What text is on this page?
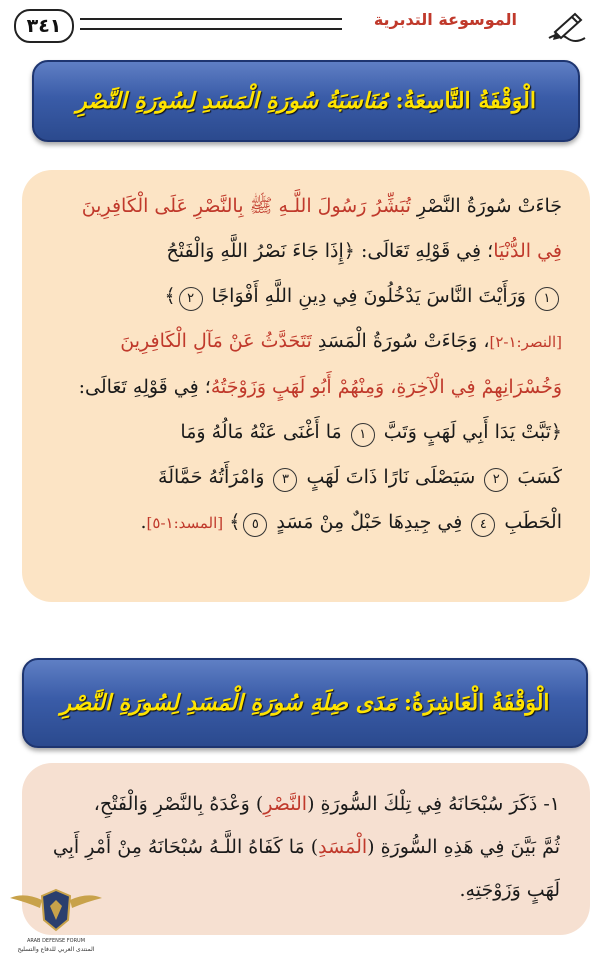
٣٤١	الموسوعة التدبرية
الْوَقْفَةُ التَّاسِعَةُ: مُنَاسَبَةُ سُورَةِ الْمَسَدِ لِسُورَةِ النَّصْرِ
جَاءَتْ سُورَةُ النَّصْرِ تُبَشِّرُ رَسُولَ اللَّـهِ ﷺ بِالنَّصْرِ عَلَى الْكَافِرِينَ
فِي الدُّنْيَا؛ فِي قَوْلِهِ تَعَالَى: ﴿إِذَا جَاءَ نَصْرُ اللَّهِ وَالْفَتْحُ
١ وَرَأَيْتَ النَّاسَ يَدْخُلُونَ فِي دِينِ اللَّهِ أَفْوَاجًا ٢﴾
[النصر:١-٢]، وَجَاءَتْ سُورَةُ الْمَسَدِ تَتَحَدَّثُ عَنْ مَآلِ الْكَافِرِينَ
وَخُسْرَانِهِمْ فِي الْآخِرَةِ، وَمِنْهُمْ أَبُو لَهَبٍ وَزَوْجَتُهُ؛ فِي قَوْلِهِ تَعَالَى:
﴿تَبَّتْ يَدَا أَبِي لَهَبٍ وَتَبَّ ١ مَا أَغْنَى عَنْهُ مَالُهُ وَمَا
كَسَبَ ٢ سَيَصْلَى نَارًا ذَاتَ لَهَبٍ ٣ وَامْرَأَتُهُ حَمَّالَةَ
الْحَطَبِ ٤ فِي جِيدِهَا حَبْلٌ مِنْ مَسَدٍ ٥﴾ [المسد:١-٥].
الْوَقْفَةُ الْعَاشِرَةُ: مَدَى صِلَةِ سُورَةِ الْمَسَدِ لِسُورَةِ النَّصْرِ
١- ذَكَرَ سُبْحَانَهُ فِي تِلْكَ السُّورَةِ (النَّصْرِ) وَعْدَهُ بِالنَّصْرِ وَالْفَتْحِ،
ثُمَّ بَيَّنَ فِي هَذِهِ السُّورَةِ (الْمَسَدِ) مَا كَفَاهُ اللَّـهُ سُبْحَانَهُ مِنْ أَمْرِ أَبِي
لَهَبٍ وَزَوْجَتِهِ.
ARAB DEFENSE FORUM
المنتدى العربي للدفاع والتسليح
